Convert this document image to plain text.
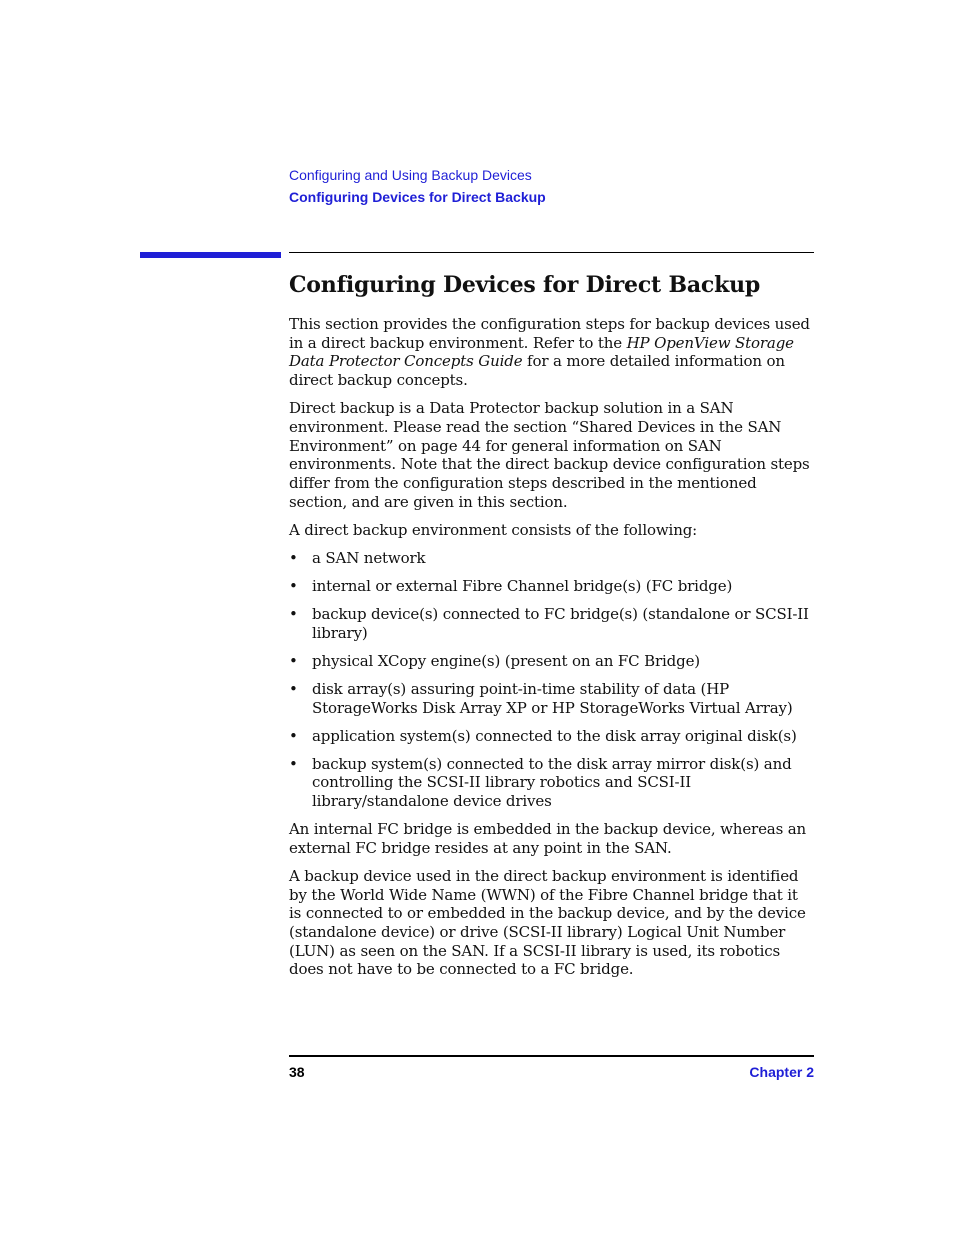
Configuring and Using Backup Devices
Configuring Devices for Direct Backup
Configuring Devices for Direct Backup

This section provides the configuration steps for backup devices used in a direct backup environment. Refer to the HP OpenView Storage Data Protector Concepts Guide for a more detailed information on direct backup concepts.

Direct backup is a Data Protector backup solution in a SAN environment. Please read the section “Shared Devices in the SAN Environment” on page 44 for general information on SAN environments. Note that the direct backup device configuration steps differ from the configuration steps described in the mentioned section, and are given in this section.

A direct backup environment consists of the following:

• a SAN network
• internal or external Fibre Channel bridge(s) (FC bridge)
• backup device(s) connected to FC bridge(s) (standalone or SCSI-II library)
• physical XCopy engine(s) (present on an FC Bridge)
• disk array(s) assuring point-in-time stability of data (HP StorageWorks Disk Array XP or HP StorageWorks Virtual Array)
• application system(s) connected to the disk array original disk(s)
• backup system(s) connected to the disk array mirror disk(s) and controlling the SCSI-II library robotics and SCSI-II library/standalone device drives

An internal FC bridge is embedded in the backup device, whereas an external FC bridge resides at any point in the SAN.

A backup device used in the direct backup environment is identified by the World Wide Name (WWN) of the Fibre Channel bridge that it is connected to or embedded in the backup device, and by the device (standalone device) or drive (SCSI-II library) Logical Unit Number (LUN) as seen on the SAN. If a SCSI-II library is used, its robotics does not have to be connected to a FC bridge.

38	Chapter 2
